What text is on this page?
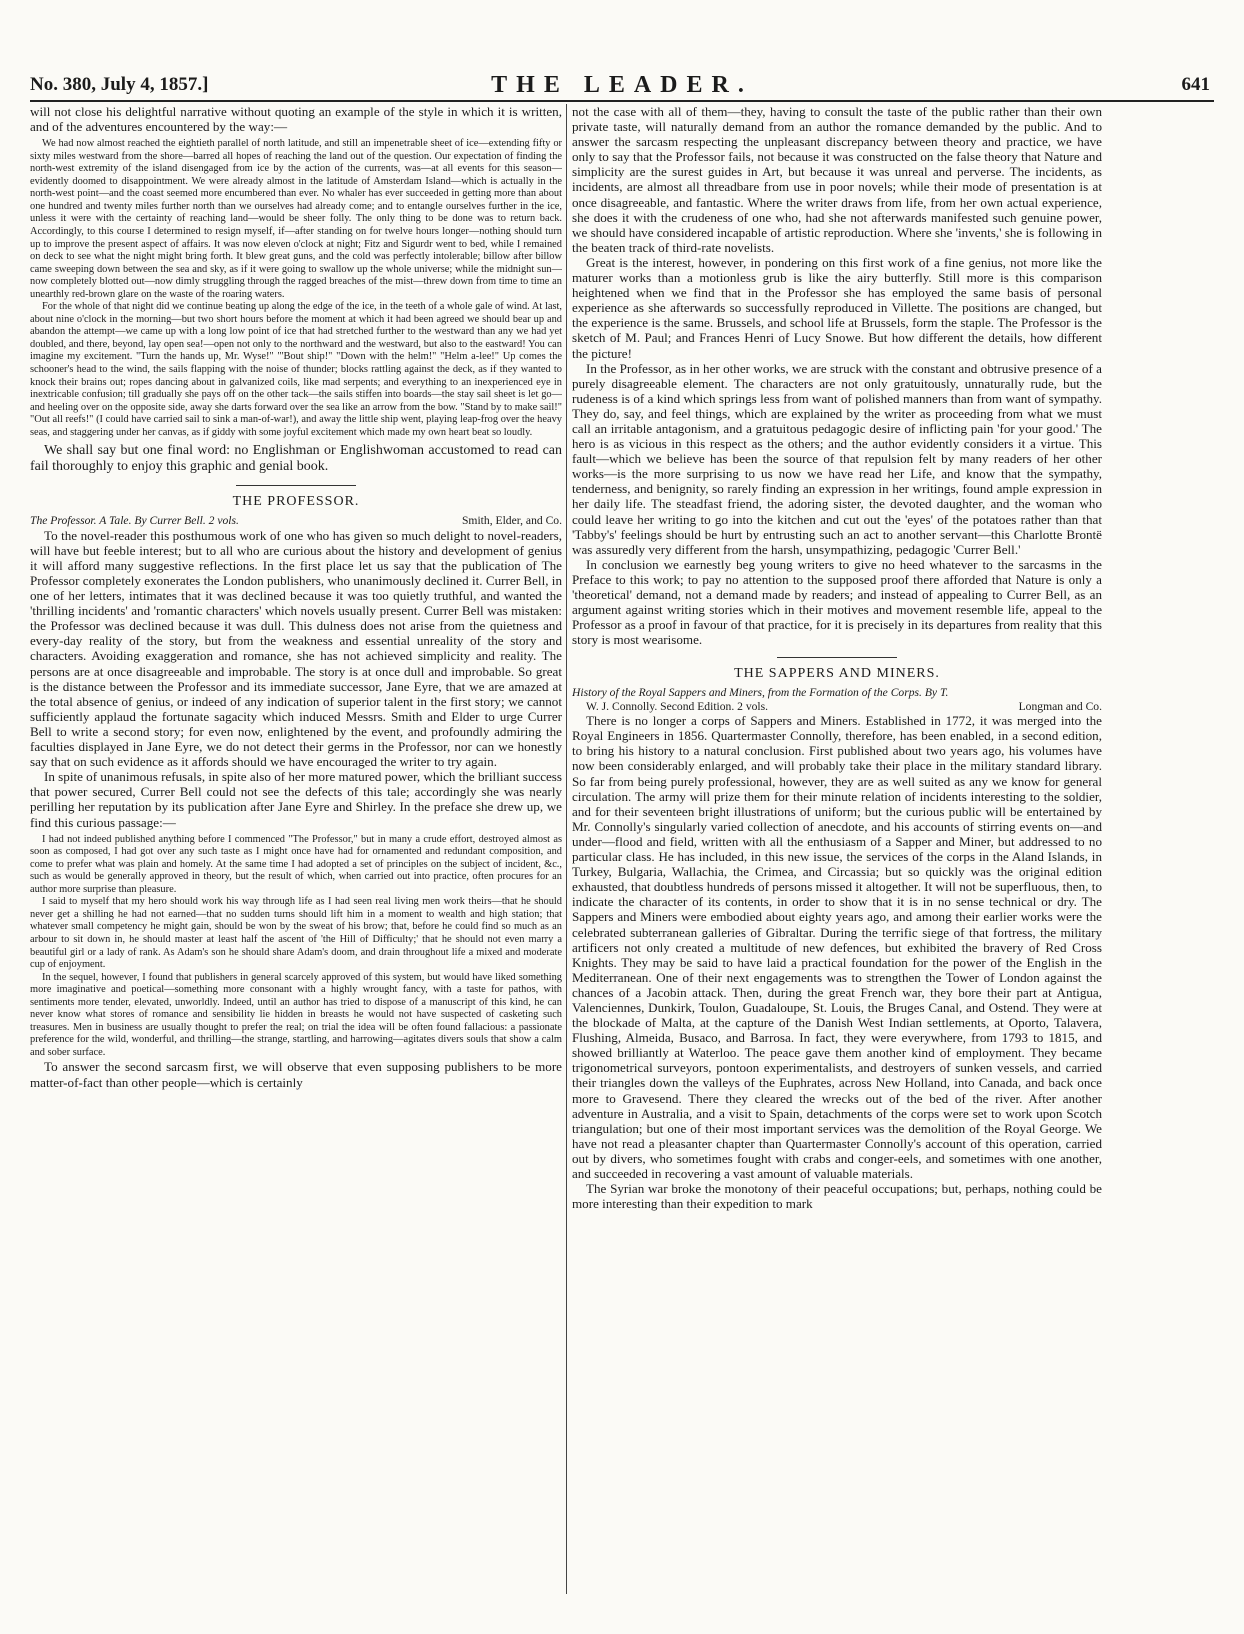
No. 380, July 4, 1857.]	THE LEADER.	641

will not close his delightful narrative without quoting an example of the style in which it is written, and of the adventures encountered by the way:—

We had now almost reached the eightieth parallel of north latitude, and still an impenetrable sheet of ice—extending fifty or sixty miles westward from the shore—barred all hopes of reaching the land out of the question. Our expectation of finding the north-west extremity of the island disengaged from ice by the action of the currents, was—at all events for this season—evidently doomed to disappointment. We were already almost in the latitude of Amsterdam Island—which is actually in the north-west point—and the coast seemed more encumbered than ever. No whaler has ever succeeded in getting more than about one hundred and twenty miles further north than we ourselves had already come; and to entangle ourselves further in the ice, unless it were with the certainty of reaching land—would be sheer folly. The only thing to be done was to return back. Accordingly, to this course I determined to resign myself, if—after standing on for twelve hours longer—nothing should turn up to improve the present aspect of affairs. It was now eleven o'clock at night; Fitz and Sigurdr went to bed, while I remained on deck to see what the night might bring forth. It blew great guns, and the cold was perfectly intolerable; billow after billow came sweeping down between the sea and sky, as if it were going to swallow up the whole universe; while the midnight sun—now completely blotted out—now dimly struggling through the ragged breaches of the mist—threw down from time to time an unearthly red-brown glare on the waste of the roaring waters.

For the whole of that night did we continue beating up along the edge of the ice, in the teeth of a whole gale of wind. At last, about nine o'clock in the morning—but two short hours before the moment at which it had been agreed we should bear up and abandon the attempt—we came up with a long low point of ice that had stretched further to the westward than any we had yet doubled, and there, beyond, lay open sea!—open not only to the northward and the westward, but also to the eastward! You can imagine my excitement. "Turn the hands up, Mr. Wyse!" "'Bout ship!" "Down with the helm!" "Helm a-lee!" Up comes the schooner's head to the wind, the sails flapping with the noise of thunder; blocks rattling against the deck, as if they wanted to knock their brains out; ropes dancing about in galvanized coils, like mad serpents; and everything to an inexperienced eye in inextricable confusion; till gradually she pays off on the other tack—the sails stiffen into boards—the stay sail sheet is let go—and heeling over on the opposite side, away she darts forward over the sea like an arrow from the bow. "Stand by to make sail!" "Out all reefs!" (I could have carried sail to sink a man-of-war!), and away the little ship went, playing leap-frog over the heavy seas, and staggering under her canvas, as if giddy with some joyful excitement which made my own heart beat so loudly.

We shall say but one final word: no Englishman or Englishwoman accustomed to read can fail thoroughly to enjoy this graphic and genial book.

THE PROFESSOR.
The Professor. A Tale. By Currer Bell. 2 vols.	Smith, Elder, and Co.

To the novel-reader this posthumous work of one who has given so much delight to novel-readers, will have but feeble interest; but to all who are curious about the history and development of genius it will afford many suggestive reflections. In the first place let us say that the publication of The Professor completely exonerates the London publishers, who unanimously declined it. Currer Bell, in one of her letters, intimates that it was declined because it was too quietly truthful, and wanted the 'thrilling incidents' and 'romantic characters' which novels usually present. Currer Bell was mistaken: the Professor was declined because it was dull. This dulness does not arise from the quietness and every-day reality of the story, but from the weakness and essential unreality of the story and characters. Avoiding exaggeration and romance, she has not achieved simplicity and reality. The persons are at once disagreeable and improbable. The story is at once dull and improbable. So great is the distance between the Professor and its immediate successor, Jane Eyre, that we are amazed at the total absence of genius, or indeed of any indication of superior talent in the first story; we cannot sufficiently applaud the fortunate sagacity which induced Messrs. Smith and Elder to urge Currer Bell to write a second story; for even now, enlightened by the event, and profoundly admiring the faculties displayed in Jane Eyre, we do not detect their germs in the Professor, nor can we honestly say that on such evidence as it affords should we have encouraged the writer to try again.

In spite of unanimous refusals, in spite also of her more matured power, which the brilliant success that power secured, Currer Bell could not see the defects of this tale; accordingly she was nearly perilling her reputation by its publication after Jane Eyre and Shirley. In the preface she drew up, we find this curious passage:—

I had not indeed published anything before I commenced "The Professor," but in many a crude effort, destroyed almost as soon as composed, I had got over any such taste as I might once have had for ornamented and redundant composition, and come to prefer what was plain and homely. At the same time I had adopted a set of principles on the subject of incident, &c., such as would be generally approved in theory, but the result of which, when carried out into practice, often procures for an author more surprise than pleasure.

I said to myself that my hero should work his way through life as I had seen real living men work theirs—that he should never get a shilling he had not earned—that no sudden turns should lift him in a moment to wealth and high station; that whatever small competency he might gain, should be won by the sweat of his brow; that, before he could find so much as an arbour to sit down in, he should master at least half the ascent of 'the Hill of Difficulty;' that he should not even marry a beautiful girl or a lady of rank. As Adam's son he should share Adam's doom, and drain throughout life a mixed and moderate cup of enjoyment.

In the sequel, however, I found that publishers in general scarcely approved of this system, but would have liked something more imaginative and poetical—something more consonant with a highly wrought fancy, with a taste for pathos, with sentiments more tender, elevated, unworldly. Indeed, until an author has tried to dispose of a manuscript of this kind, he can never know what stores of romance and sensibility lie hidden in breasts he would not have suspected of casketing such treasures. Men in business are usually thought to prefer the real; on trial the idea will be often found fallacious: a passionate preference for the wild, wonderful, and thrilling—the strange, startling, and harrowing—agitates divers souls that show a calm and sober surface.

To answer the second sarcasm first, we will observe that even supposing publishers to be more matter-of-fact than other people—which is certainly

not the case with all of them—they, having to consult the taste of the public rather than their own private taste, will naturally demand from an author the romance demanded by the public. And to answer the sarcasm respecting the unpleasant discrepancy between theory and practice, we have only to say that the Professor fails, not because it was constructed on the false theory that Nature and simplicity are the surest guides in Art, but because it was unreal and perverse. The incidents, as incidents, are almost all threadbare from use in poor novels; while their mode of presentation is at once disagreeable, and fantastic. Where the writer draws from life, from her own actual experience, she does it with the crudeness of one who, had she not afterwards manifested such genuine power, we should have considered incapable of artistic reproduction. Where she 'invents,' she is following in the beaten track of third-rate novelists.

Great is the interest, however, in pondering on this first work of a fine genius, not more like the maturer works than a motionless grub is like the airy butterfly. Still more is this comparison heightened when we find that in the Professor she has employed the same basis of personal experience as she afterwards so successfully reproduced in Villette. The positions are changed, but the experience is the same. Brussels, and school life at Brussels, form the staple. The Professor is the sketch of M. Paul; and Frances Henri of Lucy Snowe. But how different the details, how different the picture!

In the Professor, as in her other works, we are struck with the constant and obtrusive presence of a purely disagreeable element. The characters are not only gratuitously, unnaturally rude, but the rudeness is of a kind which springs less from want of polished manners than from want of sympathy. They do, say, and feel things, which are explained by the writer as proceeding from what we must call an irritable antagonism, and a gratuitous pedagogic desire of inflicting pain 'for your good.' The hero is as vicious in this respect as the others; and the author evidently considers it a virtue. This fault—which we believe has been the source of that repulsion felt by many readers of her other works—is the more surprising to us now we have read her Life, and know that the sympathy, tenderness, and benignity, so rarely finding an expression in her writings, found ample expression in her daily life. The steadfast friend, the adoring sister, the devoted daughter, and the woman who could leave her writing to go into the kitchen and cut out the 'eyes' of the potatoes rather than that 'Tabby's' feelings should be hurt by entrusting such an act to another servant—this Charlotte Brontë was assuredly very different from the harsh, unsympathizing, pedagogic 'Currer Bell.'

In conclusion we earnestly beg young writers to give no heed whatever to the sarcasms in the Preface to this work; to pay no attention to the supposed proof there afforded that Nature is only a 'theoretical' demand, not a demand made by readers; and instead of appealing to Currer Bell, as an argument against writing stories which in their motives and movement resemble life, appeal to the Professor as a proof in favour of that practice, for it is precisely in its departures from reality that this story is most wearisome.

THE SAPPERS AND MINERS.
History of the Royal Sappers and Miners, from the Formation of the Corps. By T.
W. J. Connolly. Second Edition. 2 vols.	Longman and Co.

There is no longer a corps of Sappers and Miners. Established in 1772, it was merged into the Royal Engineers in 1856. Quartermaster Connolly, therefore, has been enabled, in a second edition, to bring his history to a natural conclusion. First published about two years ago, his volumes have now been considerably enlarged, and will probably take their place in the military standard library. So far from being purely professional, however, they are as well suited as any we know for general circulation. The army will prize them for their minute relation of incidents interesting to the soldier, and for their seventeen bright illustrations of uniform; but the curious public will be entertained by Mr. Connolly's singularly varied collection of anecdote, and his accounts of stirring events on—and under—flood and field, written with all the enthusiasm of a Sapper and Miner, but addressed to no particular class. He has included, in this new issue, the services of the corps in the Aland Islands, in Turkey, Bulgaria, Wallachia, the Crimea, and Circassia; but so quickly was the original edition exhausted, that doubtless hundreds of persons missed it altogether. It will not be superfluous, then, to indicate the character of its contents, in order to show that it is in no sense technical or dry. The Sappers and Miners were embodied about eighty years ago, and among their earlier works were the celebrated subterranean galleries of Gibraltar. During the terrific siege of that fortress, the military artificers not only created a multitude of new defences, but exhibited the bravery of Red Cross Knights. They may be said to have laid a practical foundation for the power of the English in the Mediterranean. One of their next engagements was to strengthen the Tower of London against the chances of a Jacobin attack. Then, during the great French war, they bore their part at Antigua, Valenciennes, Dunkirk, Toulon, Guadaloupe, St. Louis, the Bruges Canal, and Ostend. They were at the blockade of Malta, at the capture of the Danish West Indian settlements, at Oporto, Talavera, Flushing, Almeida, Busaco, and Barrosa. In fact, they were everywhere, from 1793 to 1815, and showed brilliantly at Waterloo. The peace gave them another kind of employment. They became trigonometrical surveyors, pontoon experimentalists, and destroyers of sunken vessels, and carried their triangles down the valleys of the Euphrates, across New Holland, into Canada, and back once more to Gravesend. There they cleared the wrecks out of the bed of the river. After another adventure in Australia, and a visit to Spain, detachments of the corps were set to work upon Scotch triangulation; but one of their most important services was the demolition of the Royal George. We have not read a pleasanter chapter than Quartermaster Connolly's account of this operation, carried out by divers, who sometimes fought with crabs and conger-eels, and sometimes with one another, and succeeded in recovering a vast amount of valuable materials.

The Syrian war broke the monotony of their peaceful occupations; but, perhaps, nothing could be more interesting than their expedition to mark
